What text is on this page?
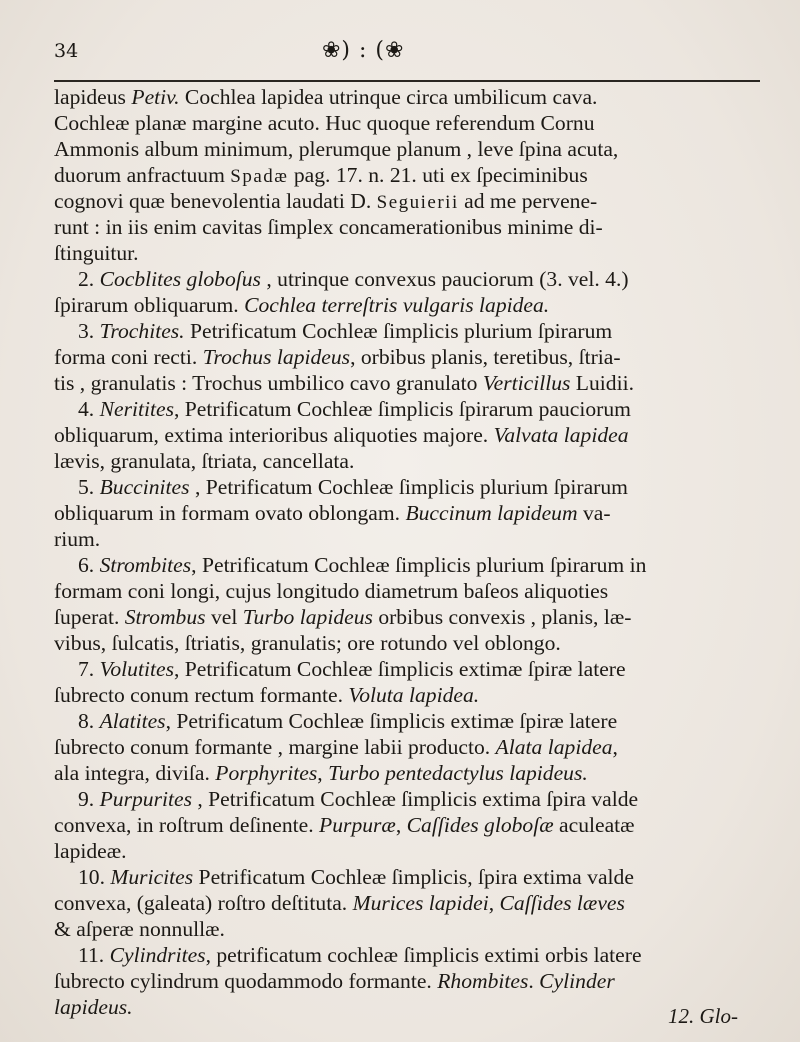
34	❀) : (❀
lapideus Petiv. Cochlea lapidea utrinque circa umbilicum cava.
Cochleæ planæ margine acuto. Huc quoque referendum Cornu
Ammonis album minimum, plerumque planum , leve ſpina acuta,
duorum anfractuum Spadæ pag. 17. n. 21. uti ex ſpeciminibus
cognovi quæ benevolentia laudati D. Seguierii ad me pervene-
runt : in iis enim cavitas ſimplex concamerationibus minime di-
ſtinguitur.
2. Cocblites globoſus , utrinque convexus pauciorum (3. vel. 4.)
ſpirarum obliquarum. Cochlea terreſtris vulgaris lapidea.
3. Trochites. Petrificatum Cochleæ ſimplicis plurium ſpirarum
forma coni recti. Trochus lapideus, orbibus planis, teretibus, ſtria-
tis , granulatis : Trochus umbilico cavo granulato Verticillus Luidii.
4. Neritites, Petrificatum Cochleæ ſimplicis ſpirarum pauciorum
obliquarum, extima interioribus aliquoties majore. Valvata lapidea
lævis, granulata, ſtriata, cancellata.
5. Buccinites , Petrificatum Cochleæ ſimplicis plurium ſpirarum
obliquarum in formam ovato oblongam. Buccinum lapideum va-
rium.
6. Strombites, Petrificatum Cochleæ ſimplicis plurium ſpirarum in
formam coni longi, cujus longitudo diametrum baſeos aliquoties
ſuperat. Strombus vel Turbo lapideus orbibus convexis , planis, læ-
vibus, ſulcatis, ſtriatis, granulatis; ore rotundo vel oblongo.
7. Volutites, Petrificatum Cochleæ ſimplicis extimæ ſpiræ latere
ſubrecto conum rectum formante. Voluta lapidea.
8. Alatites, Petrificatum Cochleæ ſimplicis extimæ ſpiræ latere
ſubrecto conum formante , margine labii producto. Alata lapidea,
ala integra, diviſa. Porphyrites, Turbo pentedactylus lapideus.
9. Purpurites , Petrificatum Cochleæ ſimplicis extima ſpira valde
convexa, in roſtrum deſinente. Purpuræ, Caſſides globoſæ aculeatæ
lapideæ.
10. Muricites Petrificatum Cochleæ ſimplicis, ſpira extima valde
convexa, (galeata) roſtro deſtituta. Murices lapidei, Caſſides læves
& aſperæ nonnullæ.
11. Cylindrites, petrificatum cochleæ ſimplicis extimi orbis latere
ſubrecto cylindrum quodammodo formante. Rhombites. Cylinder
lapideus.	12. Glo-
